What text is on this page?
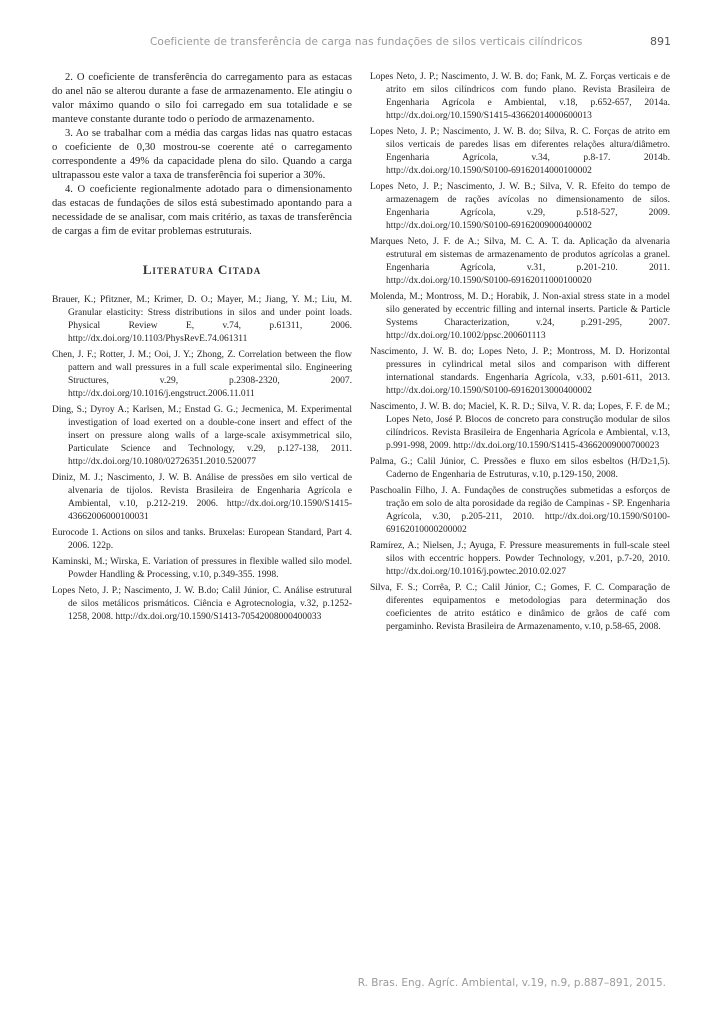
Coeficiente de transferência de carga nas fundações de silos verticais cilíndricos	891

2. O coeficiente de transferência do carregamento para as estacas do anel não se alterou durante a fase de armazenamento. Ele atingiu o valor máximo quando o silo foi carregado em sua totalidade e se manteve constante durante todo o período de armazenamento.

3. Ao se trabalhar com a média das cargas lidas nas quatro estacas o coeficiente de 0,30 mostrou-se coerente até o carregamento correspondente a 49% da capacidade plena do silo. Quando a carga ultrapassou este valor a taxa de transferência foi superior a 30%.

4. O coeficiente regionalmente adotado para o dimensionamento das estacas de fundações de silos está subestimado apontando para a necessidade de se analisar, com mais critério, as taxas de transferência de cargas a fim de evitar problemas estruturais.

Literatura Citada

Brauer, K.; Pfitzner, M.; Krimer, D. O.; Mayer, M.; Jiang, Y. M.; Liu, M. Granular elasticity: Stress distributions in silos and under point loads. Physical Review E, v.74, p.61311, 2006. http://dx.doi.org/10.1103/PhysRevE.74.061311

Chen, J. F.; Rotter, J. M.; Ooi, J. Y.; Zhong, Z. Correlation between the flow pattern and wall pressures in a full scale experimental silo. Engineering Structures, v.29, p.2308-2320, 2007. http://dx.doi.org/10.1016/j.engstruct.2006.11.011

Ding, S.; Dyroy A.; Karlsen, M.; Enstad G. G.; Jecmenica, M. Experimental investigation of load exerted on a double-cone insert and effect of the insert on pressure along walls of a large-scale axisymmetrical silo, Particulate Science and Technology, v.29, p.127-138, 2011. http://dx.doi.org/10.1080/02726351.2010.520077

Diniz, M. J.; Nascimento, J. W. B. Análise de pressões em silo vertical de alvenaria de tijolos. Revista Brasileira de Engenharia Agrícola e Ambiental, v.10, p.212-219. 2006. http://dx.doi.org/10.1590/S1415-43662006000100031

Eurocode 1. Actions on silos and tanks. Bruxelas: European Standard, Part 4. 2006. 122p.

Kaminski, M.; Wirska, E. Variation of pressures in flexible walled silo model. Powder Handling & Processing, v.10, p.349-355. 1998.

Lopes Neto, J. P.; Nascimento, J. W. B.do; Calil Júnior, C. Análise estrutural de silos metálicos prismáticos. Ciência e Agrotecnologia, v.32, p.1252-1258, 2008. http://dx.doi.org/10.1590/S1413-70542008000400033

Lopes Neto, J. P.; Nascimento, J. W. B. do; Fank, M. Z. Forças verticais e de atrito em silos cilíndricos com fundo plano. Revista Brasileira de Engenharia Agrícola e Ambiental, v.18, p.652-657, 2014a. http://dx.doi.org/10.1590/S1415-43662014000600013

Lopes Neto, J. P.; Nascimento, J. W. B. do; Silva, R. C. Forças de atrito em silos verticais de paredes lisas em diferentes relações altura/diâmetro. Engenharia Agrícola, v.34, p.8-17. 2014b. http://dx.doi.org/10.1590/S0100-69162014000100002

Lopes Neto, J. P.; Nascimento, J. W. B.; Silva, V. R. Efeito do tempo de armazenagem de rações avícolas no dimensionamento de silos. Engenharia Agrícola, v.29, p.518-527, 2009. http://dx.doi.org/10.1590/S0100-69162009000400002

Marques Neto, J. F. de A.; Silva, M. C. A. T. da. Aplicação da alvenaria estrutural em sistemas de armazenamento de produtos agrícolas a granel. Engenharia Agrícola, v.31, p.201-210. 2011. http://dx.doi.org/10.1590/S0100-69162011000100020

Molenda, M.; Montross, M. D.; Horabik, J. Non-axial stress state in a model silo generated by eccentric filling and internal inserts. Particle & Particle Systems Characterization, v.24, p.291-295, 2007. http://dx.doi.org/10.1002/ppsc.200601113

Nascimento, J. W. B. do; Lopes Neto, J. P.; Montross, M. D. Horizontal pressures in cylindrical metal silos and comparison with different international standards. Engenharia Agrícola, v.33, p.601-611, 2013. http://dx.doi.org/10.1590/S0100-69162013000400002

Nascimento, J. W. B. do; Maciel, K. R. D.; Silva, V. R. da; Lopes, F. F. de M.; Lopes Neto, José P. Blocos de concreto para construção modular de silos cilíndricos. Revista Brasileira de Engenharia Agrícola e Ambiental, v.13, p.991-998, 2009. http://dx.doi.org/10.1590/S1415-43662009000700023

Palma, G.; Calil Júnior, C. Pressões e fluxo em silos esbeltos (H/D≥1,5). Caderno de Engenharia de Estruturas, v.10, p.129-150, 2008.

Paschoalin Filho, J. A. Fundações de construções submetidas a esforços de tração em solo de alta porosidade da região de Campinas - SP. Engenharia Agrícola, v.30, p.205-211, 2010. http://dx.doi.org/10.1590/S0100-69162010000200002

Ramírez, A.; Nielsen, J.; Ayuga, F. Pressure measurements in full-scale steel silos with eccentric hoppers. Powder Technology, v.201, p.7-20, 2010. http://dx.doi.org/10.1016/j.powtec.2010.02.027

Silva, F. S.; Corrêa, P. C.; Calil Júnior, C.; Gomes, F. C. Comparação de diferentes equipamentos e metodologias para determinação dos coeficientes de atrito estático e dinâmico de grãos de café com pergaminho. Revista Brasileira de Armazenamento, v.10, p.58-65, 2008.

R. Bras. Eng. Agríc. Ambiental, v.19, n.9, p.887–891, 2015.
